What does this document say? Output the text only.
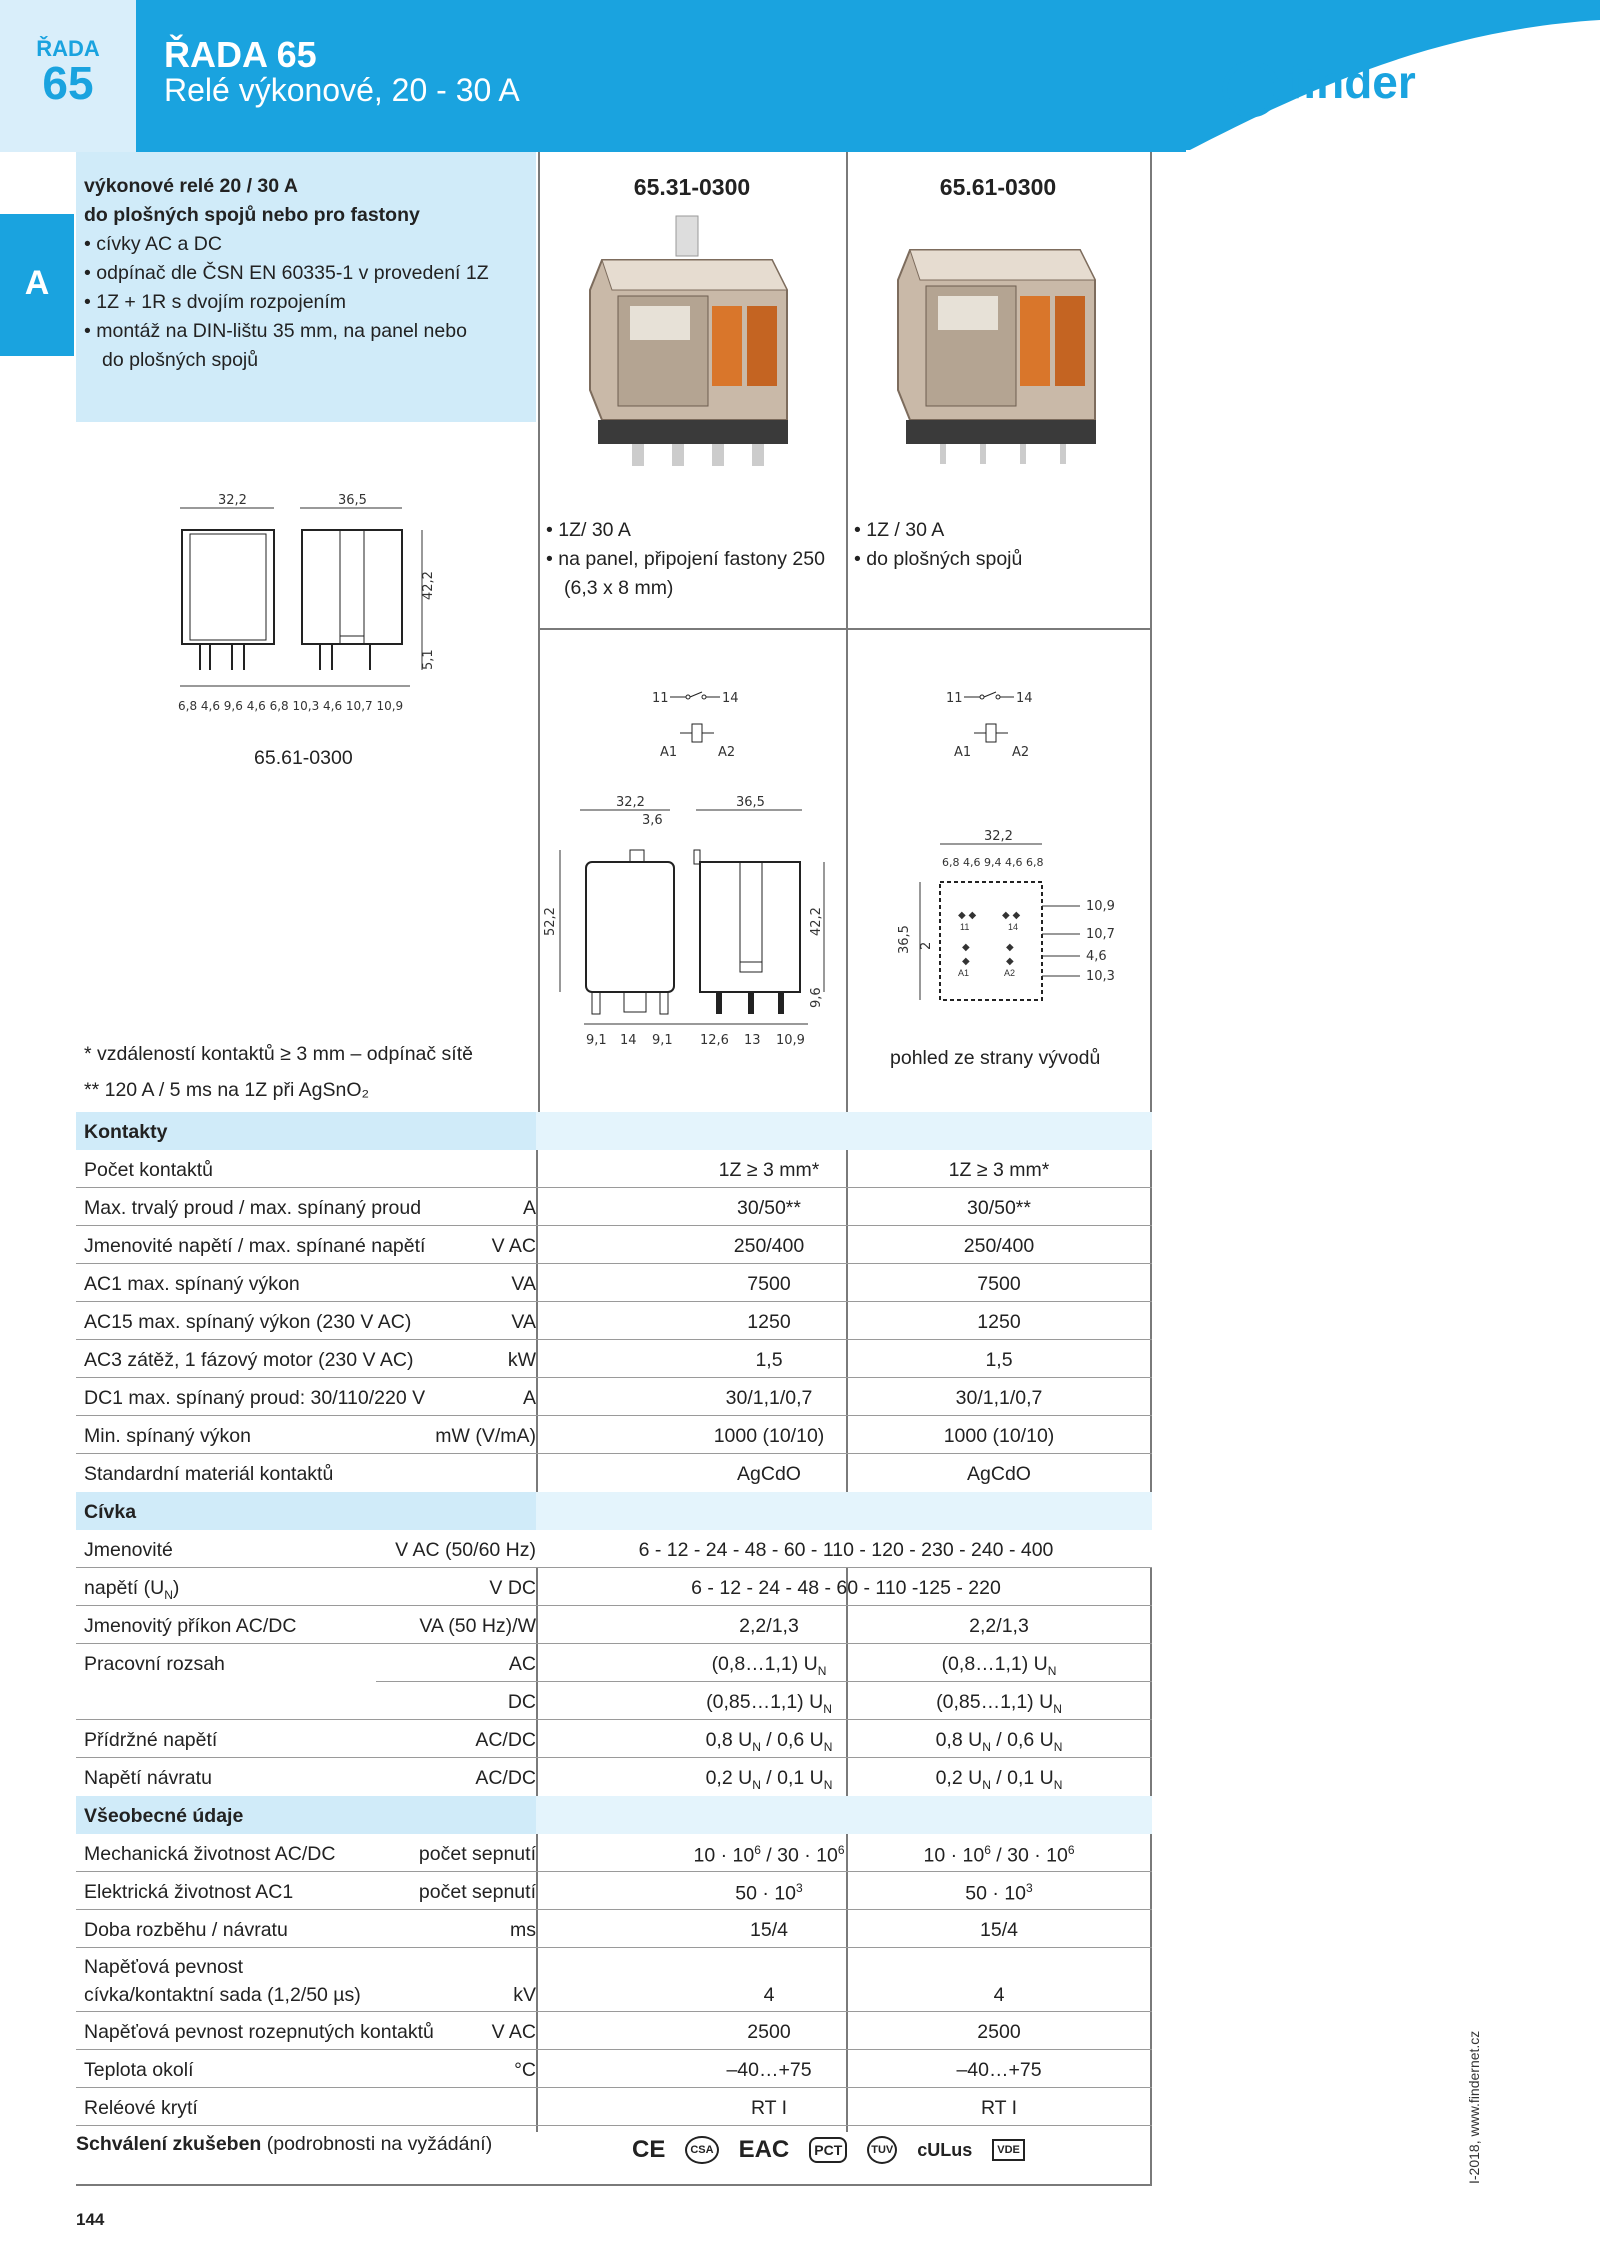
ŘADA
65
ŘADA 65
Relé výkonové, 20 - 30 A	finder
A
výkonové relé 20 / 30 A
do plošných spojů nebo pro fastony

• cívky AC a DC
• odpínač dle ČSN EN 60335-1 v provedení 1Z
• 1Z + 1R s dvojím rozpojením
• montáž na DIN-lištu 35 mm, na panel nebo do plošných spojů
65.31-0300	65.61-0300
• 1Z/ 30 A
• na panel, připojení fastony 250 (6,3 x 8 mm)
• 1Z / 30 A
• do plošných spojů
32,2	36,5
42,2
5,1
6,8 4,6 9,6 4,6 6,8 10,3 4,6 10,7 10,9
65.61-0300
11	14
A1	A2
11	14
A1	A2
32,2
3,6
36,5
52,2	42,2
9,6
9,1 14 9,1 12,6 13 10,9
32,2
6,8 4,6 9,4 4,6 6,8
◆ ◆	◆ ◆
11	14
◆	◆
◆	◆
A1	A2
36,5 2
10,9
10,7
4,6
10,3
pohled ze strany vývodů
* vzdáleností kontaktů ≥ 3 mm – odpínač sítě
** 120 A / 5 ms na 1Z při AgSnO₂
Kontakty
Počet kontaktů	1Z ≥ 3 mm*	1Z ≥ 3 mm*
Max. trvalý proud / max. spínaný proud	A	30/50**	30/50**
Jmenovité napětí / max. spínané napětí	V AC	250/400	250/400
AC1 max. spínaný výkon	VA	7500	7500
AC15 max. spínaný výkon (230 V AC)	VA	1250	1250
AC3 zátěž, 1 fázový motor (230 V AC)	kW	1,5	1,5
DC1 max. spínaný proud: 30/110/220 V	A	30/1,1/0,7	30/1,1/0,7
Min. spínaný výkon	mW (V/mA)	1000 (10/10)	1000 (10/10)
Standardní materiál kontaktů	AgCdO	AgCdO
Cívka
Jmenovité	V AC (50/60 Hz)	6 - 12 - 24 - 48 - 60 - 110 - 120 - 230 - 240 - 400
napětí $(U_N)$	V DC	6 - 12 - 24 - 48 - 60 - 110 -125 - 220
Jmenovitý příkon AC/DC	VA (50 Hz)/W	2,2/1,3	2,2/1,3
Pracovní rozsah	AC	(0,8…1,1) $U_N$	(0,8…1,1) $U_N$
DC	(0,85…1,1) $U_N$	(0,85…1,1) $U_N$
Přídržné napětí	AC/DC	0,8 $U_N / 0,6$ $U_N$	0,8 $U_N / 0,6$ $U_N$
Napětí návratu	AC/DC	0,2 $U_N / 0,1$ $U_N$	0,2 $U_N / 0,1$ $U_N$
Všeobecné údaje
Mechanická životnost AC/DC	počet sepnutí	$10 \cdot 10^6 / 30 \cdot 10^6$	$10 \cdot 10^6 / 30 \cdot 10^6$
Elektrická životnost AC1	počet sepnutí	$50 \cdot 10^3$	$50 \cdot 10^3$
Doba rozběhu / návratu	ms	15/4	15/4
Napěťová pevnost
cívka/kontaktní sada (1,2/50 µs)	kV	4	4
Napěťová pevnost rozepnutých kontaktů	V AC	2500	2500
Teplota okolí	°C	–40…+75	–40…+75
Reléové krytí	RT I	RT I
Schválení zkušeben (podrobnosti na vyžádání)	CE	CSA EAC	PCT	TUV cULus	VDE
144
I-2018, www.findernet.cz
